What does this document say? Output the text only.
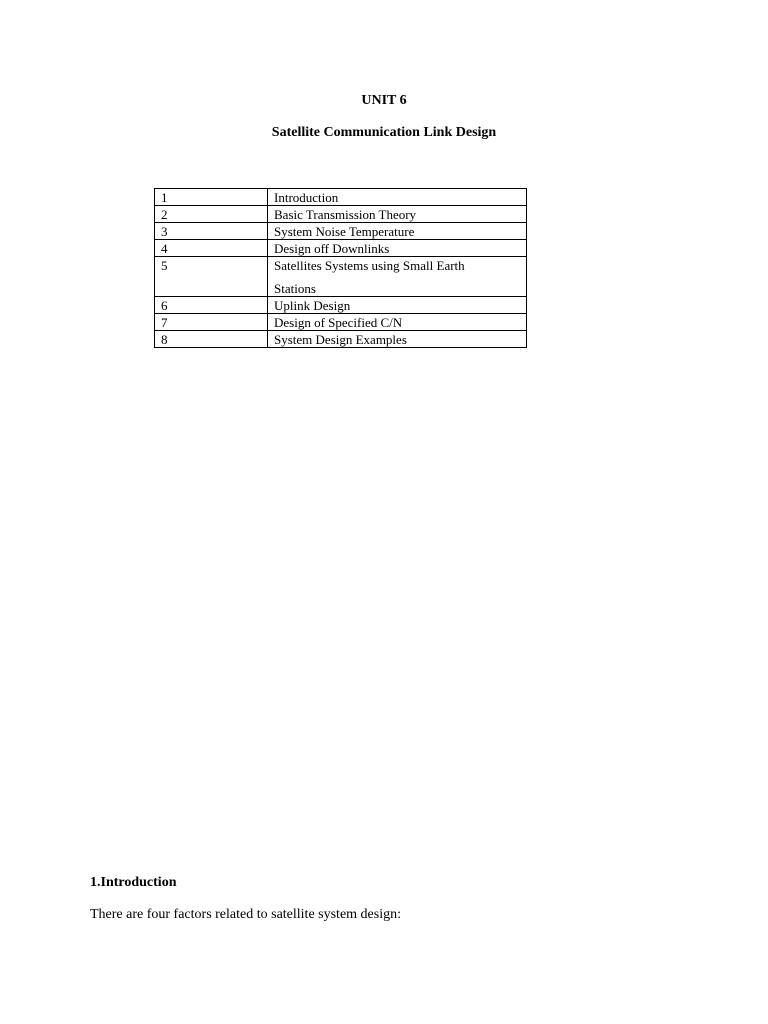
UNIT 6
Satellite Communication Link Design
1	Introduction
2	Basic Transmission Theory
3	System Noise Temperature
4	Design off Downlinks
5	Satellites Systems using Small Earth
Stations

6	Uplink Design
7	Design of Specified C/N
8	System Design Examples
1.Introduction

There are four factors related to satellite system design:
